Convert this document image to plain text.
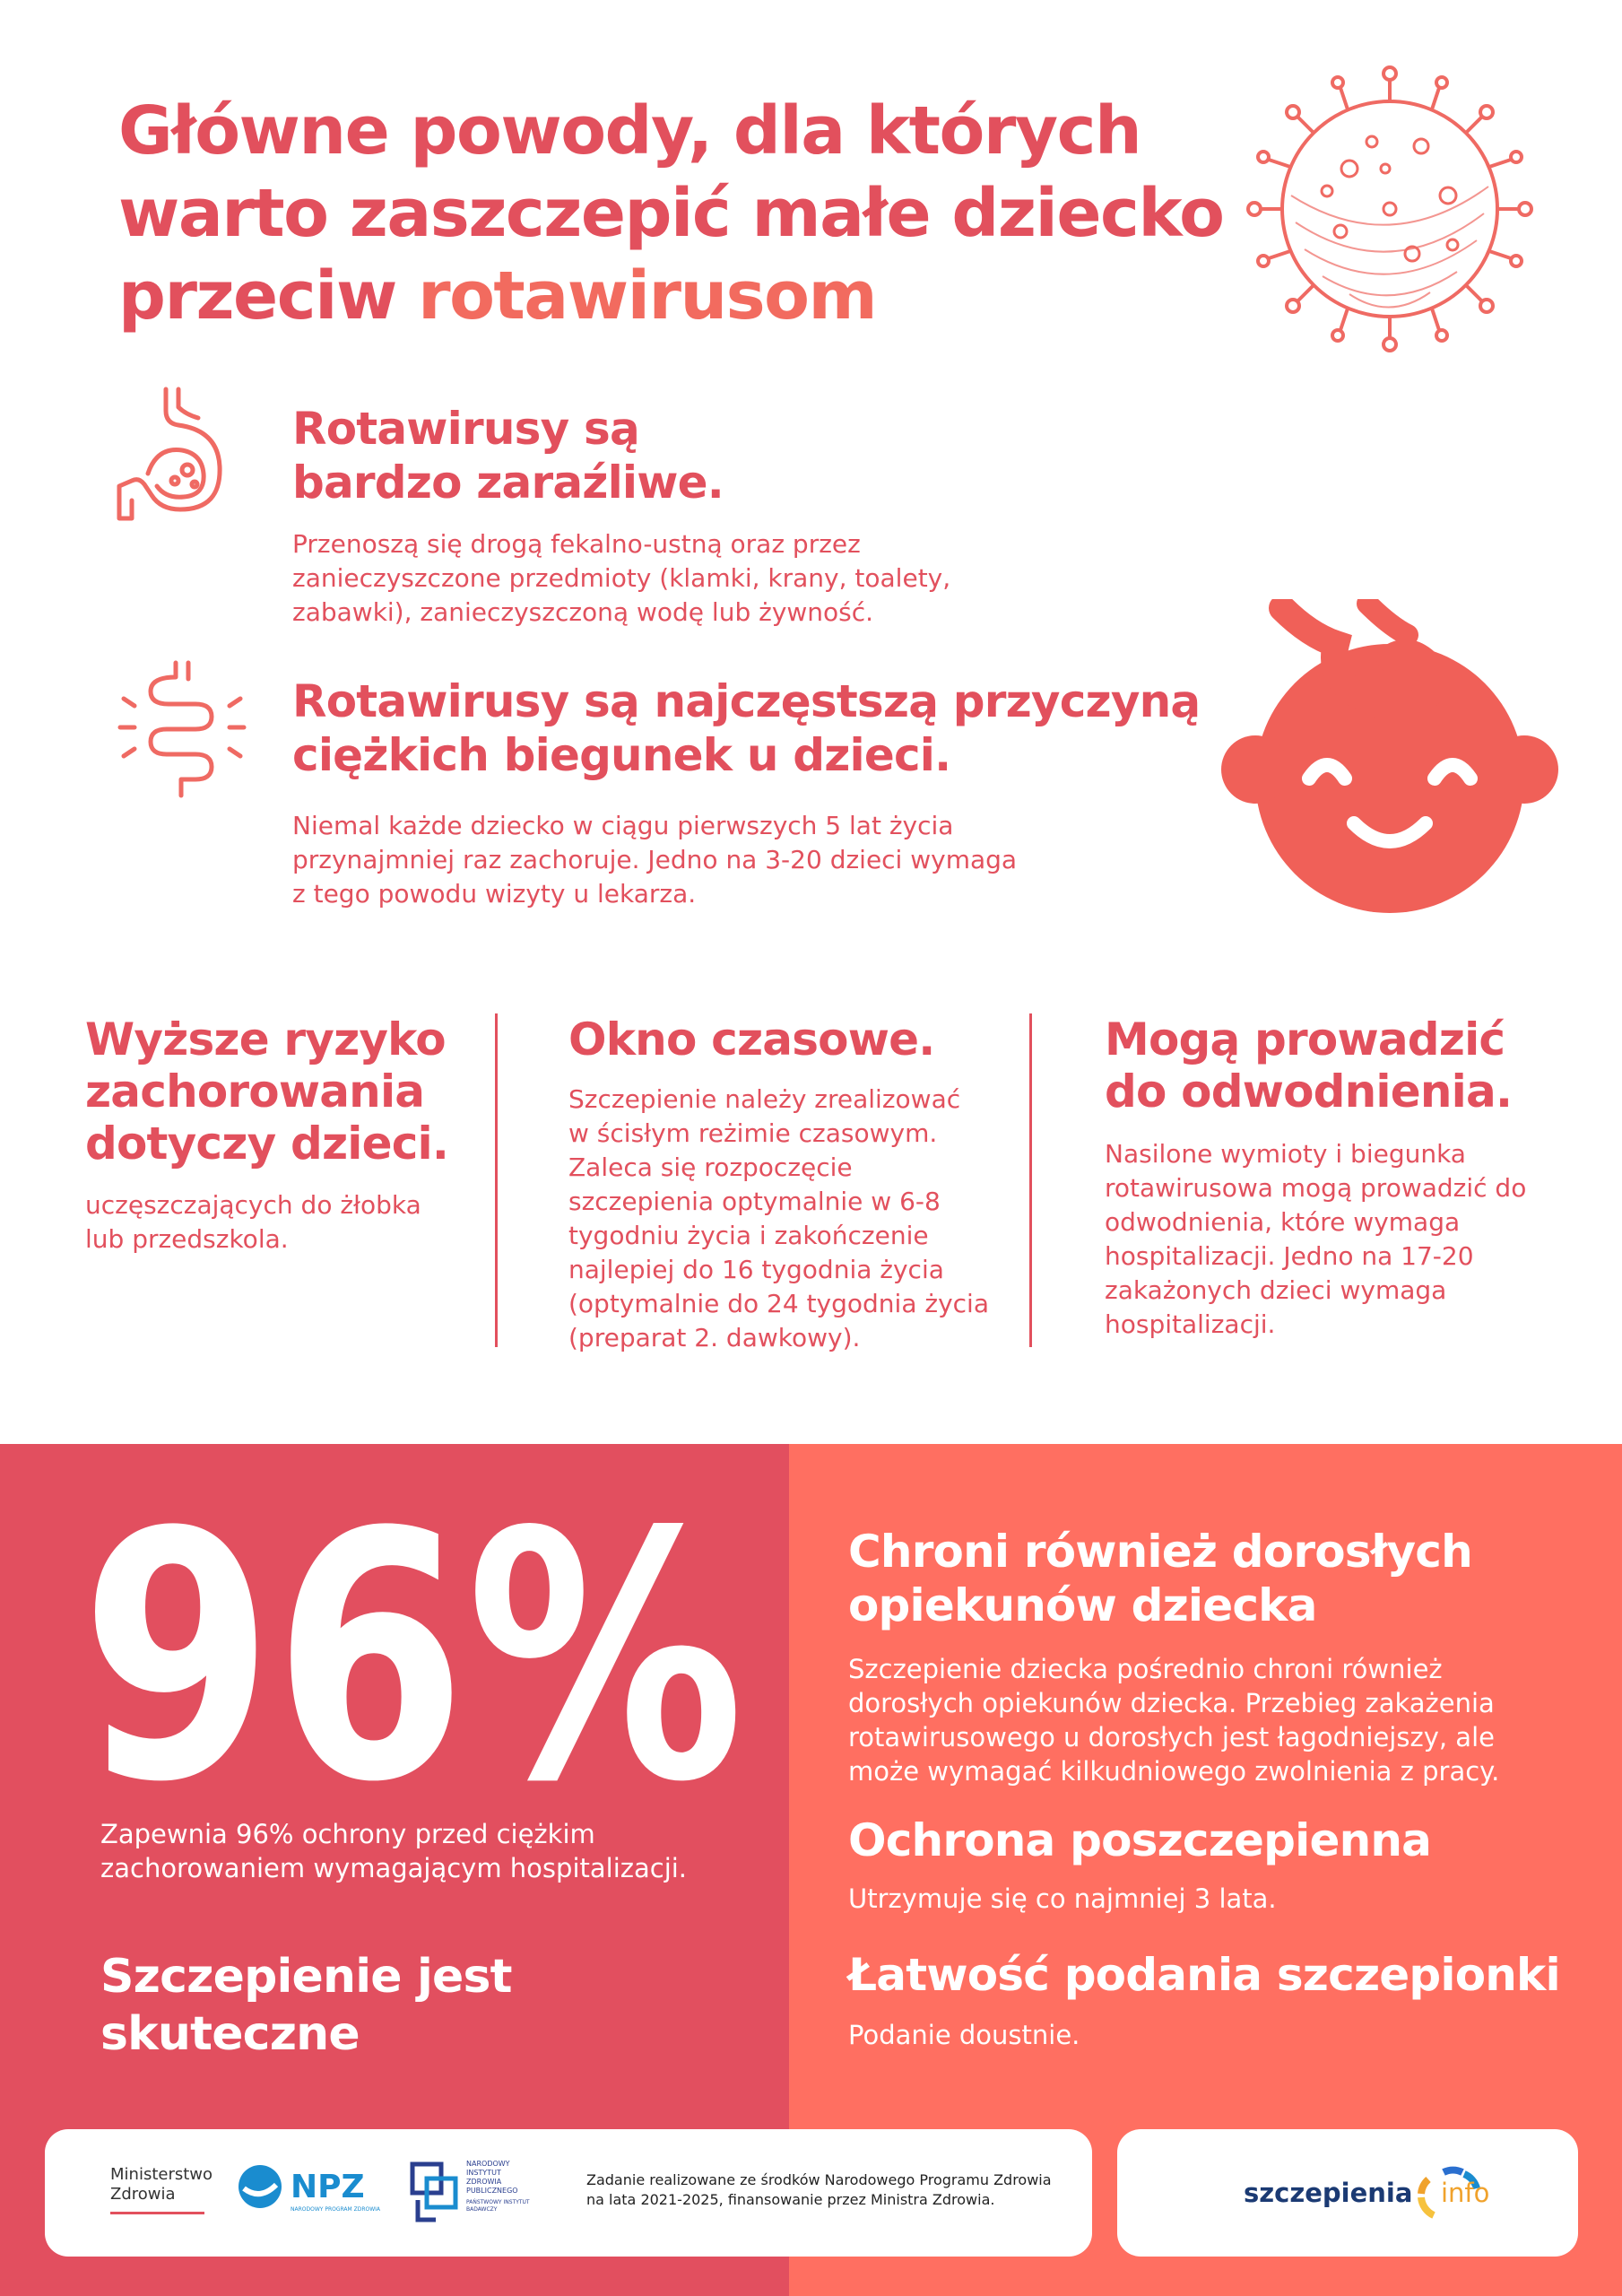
Główne powody, dla których
warto zaszczepić małe dziecko
przeciw rotawirusom
Rotawirusy są
bardzo zaraźliwe.
Przenoszą się drogą fekalno-ustną oraz przez
zanieczyszczone przedmioty (klamki, krany, toalety,
zabawki), zanieczyszczoną wodę lub żywność.
Rotawirusy są najczęstszą przyczyną
ciężkich biegunek u dzieci.
Niemal każde dziecko w ciągu pierwszych 5 lat życia
przynajmniej raz zachoruje. Jedno na 3-20 dzieci wymaga
z tego powodu wizyty u lekarza.
Wyższe ryzyko
zachorowania
dotyczy dzieci.
uczęszczających do żłobka
lub przedszkola.
Okno czasowe.
Szczepienie należy zrealizować
w ścisłym reżimie czasowym.
Zaleca się rozpoczęcie
szczepienia optymalnie w 6-8
tygodniu życia i zakończenie
najlepiej do 16 tygodnia życia
(optymalnie do 24 tygodnia życia
(preparat 2. dawkowy).
Mogą prowadzić
do odwodnienia.
Nasilone wymioty i biegunka
rotawirusowa mogą prowadzić do
odwodnienia, które wymaga
hospitalizacji. Jedno na 17-20
zakażonych dzieci wymaga
hospitalizacji.
96%
Zapewnia 96% ochrony przed ciężkim
zachorowaniem wymagającym hospitalizacji.
Szczepienie jest skuteczne
Chroni również dorosłych
opiekunów dziecka
Szczepienie dziecka pośrednio chroni również
dorosłych opiekunów dziecka. Przebieg zakażenia
rotawirusowego u dorosłych jest łagodniejszy, ale
może wymagać kilkudniowego zwolnienia z pracy.
Ochrona poszczepienna
Utrzymuje się co najmniej 3 lata.
Łatwość podania szczepionki
Podanie doustnie.
Ministerstwo
Zdrowia	NPZ
NARODOWY PROGRAM ZDROWIA
NARODOWY
INSTYTUT
ZDROWIA
PUBLICZNEGO
PAŃSTWOWY INSTYTUT
BADAWCZY
Zadanie realizowane ze środków Narodowego Programu Zdrowia
na lata 2021-2025, finansowanie przez Ministra Zdrowia.	szczepienia info
